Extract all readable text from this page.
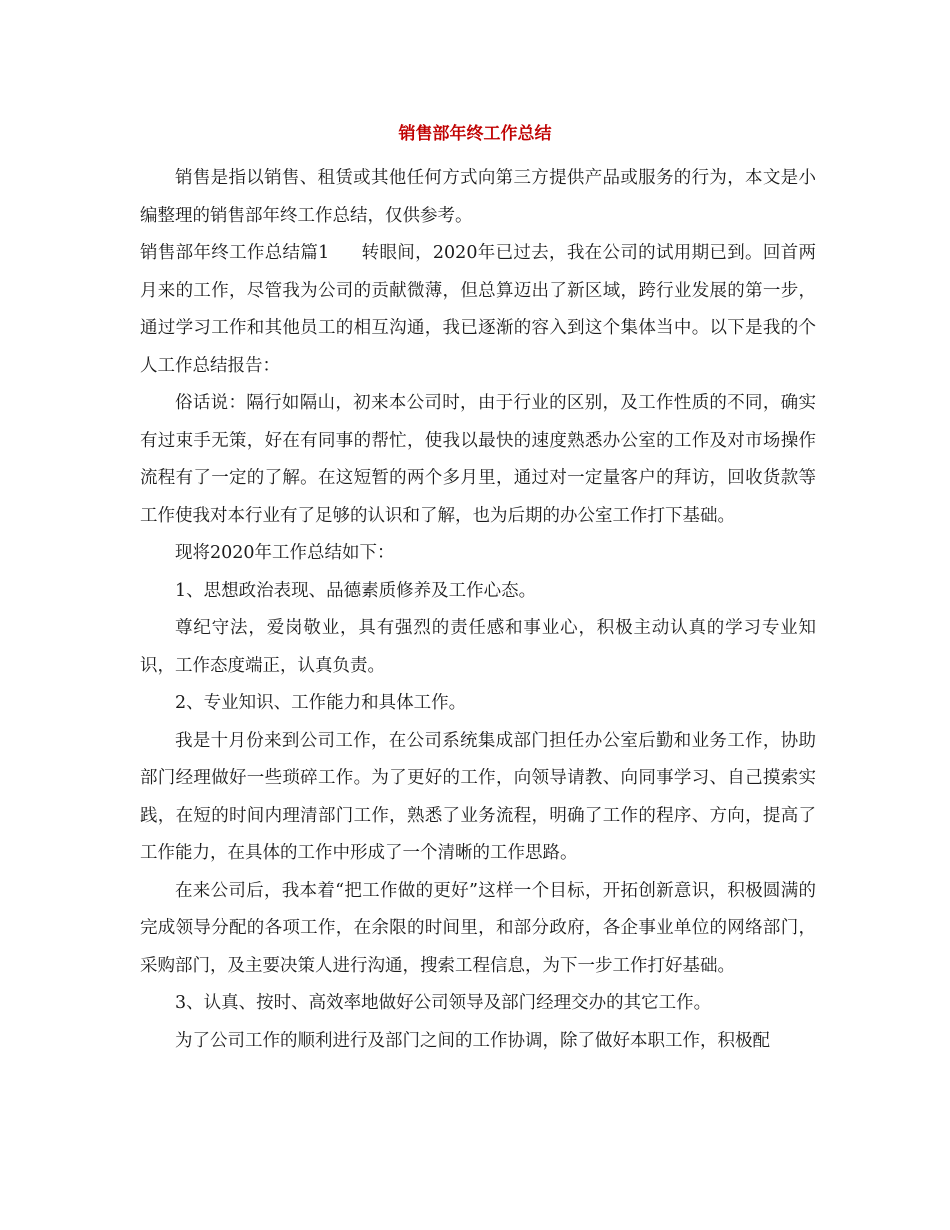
销售部年终工作总结

销售是指以销售、租赁或其他任何方式向第三方提供产品或服务的行为，本文是小编整理的销售部年终工作总结，仅供参考。

销售部年终工作总结篇1 转眼间，2020年已过去，我在公司的试用期已到。回首两月来的工作，尽管我为公司的贡献微薄，但总算迈出了新区域，跨行业发展的第一步，通过学习工作和其他员工的相互沟通，我已逐渐的容入到这个集体当中。以下是我的个人工作总结报告：

俗话说：隔行如隔山，初来本公司时，由于行业的区别，及工作性质的不同，确实有过束手无策，好在有同事的帮忙，使我以最快的速度熟悉办公室的工作及对市场操作流程有了一定的了解。在这短暂的两个多月里，通过对一定量客户的拜访，回收货款等工作使我对本行业有了足够的认识和了解，也为后期的办公室工作打下基础。

现将2020年工作总结如下：

1、思想政治表现、品德素质修养及工作心态。

尊纪守法，爱岗敬业，具有强烈的责任感和事业心，积极主动认真的学习专业知识，工作态度端正，认真负责。

2、专业知识、工作能力和具体工作。

我是十月份来到公司工作，在公司系统集成部门担任办公室后勤和业务工作，协助部门经理做好一些琐碎工作。为了更好的工作，向领导请教、向同事学习、自己摸索实践，在短的时间内理清部门工作，熟悉了业务流程，明确了工作的程序、方向，提高了工作能力，在具体的工作中形成了一个清晰的工作思路。

在来公司后，我本着“把工作做的更好”这样一个目标，开拓创新意识，积极圆满的完成领导分配的各项工作，在余限的时间里，和部分政府，各企事业单位的网络部门，采购部门，及主要决策人进行沟通，搜索工程信息，为下一步工作打好基础。

3、认真、按时、高效率地做好公司领导及部门经理交办的其它工作。

为了公司工作的顺利进行及部门之间的工作协调，除了做好本职工作，积极配
